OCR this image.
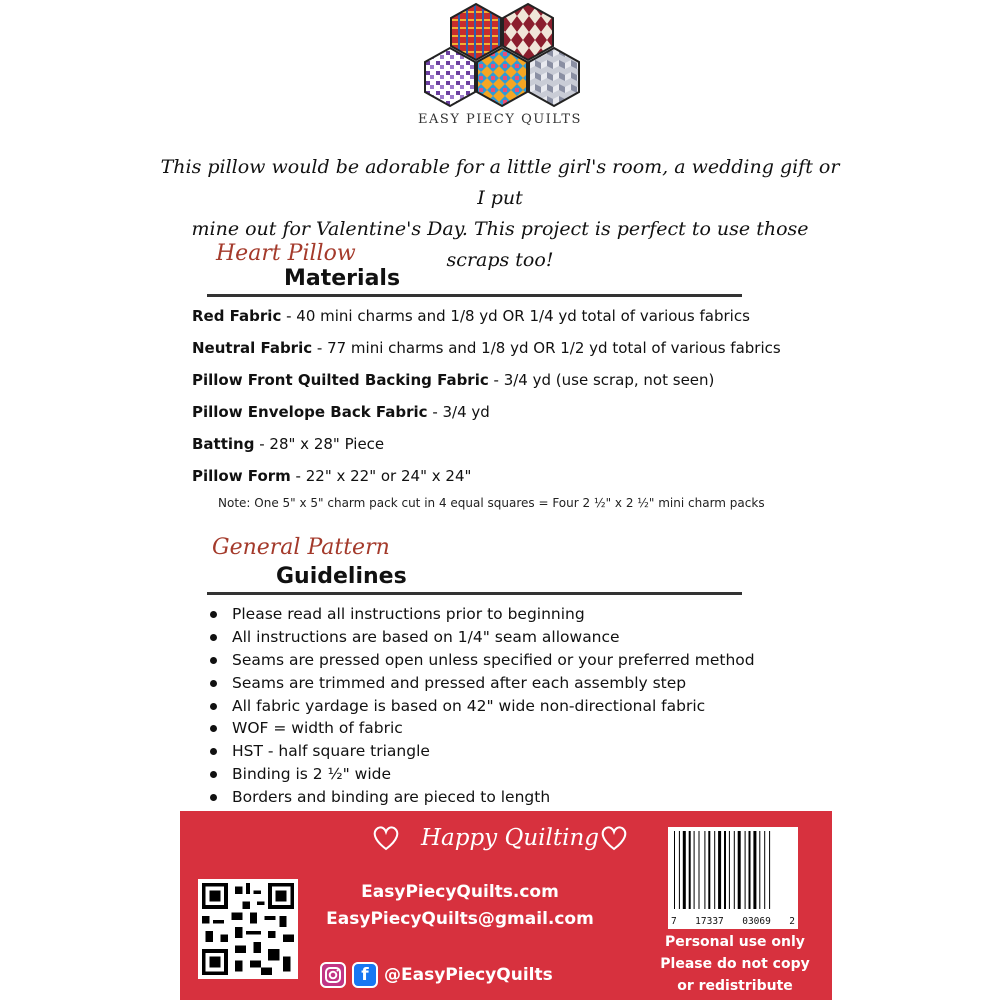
EASY PIECY QUILTS
This pillow would be adorable for a little girl's room, a wedding gift or I put
mine out for Valentine's Day. This project is perfect to use those scraps too!
Heart Pillow
Materials
Red Fabric - 40 mini charms and 1/8 yd OR 1/4 yd total of various fabrics
Neutral Fabric - 77 mini charms and 1/8 yd OR 1/2 yd total of various fabrics
Pillow Front Quilted Backing Fabric - 3/4 yd (use scrap, not seen)
Pillow Envelope Back Fabric - 3/4 yd
Batting - 28" x 28" Piece
Pillow Form - 22" x 22" or 24" x 24"
Note: One 5" x 5" charm pack cut in 4 equal squares = Four 2 ½" x 2 ½" mini charm packs
General Pattern
Guidelines
Please read all instructions prior to beginning
All instructions are based on 1/4" seam allowance
Seams are pressed open unless specified or your preferred method
Seams are trimmed and pressed after each assembly step
All fabric yardage is based on 42" wide non-directional fabric
WOF = width of fabric
HST - half square triangle
Binding is 2 ½" wide
Borders and binding are pieced to length
Happy Quilting
EasyPiecyQuilts.com
EasyPiecyQuilts@gmail.com
f @EasyPiecyQuilts
7 17337 03069 2
Personal use only
Please do not copy
or redistribute
